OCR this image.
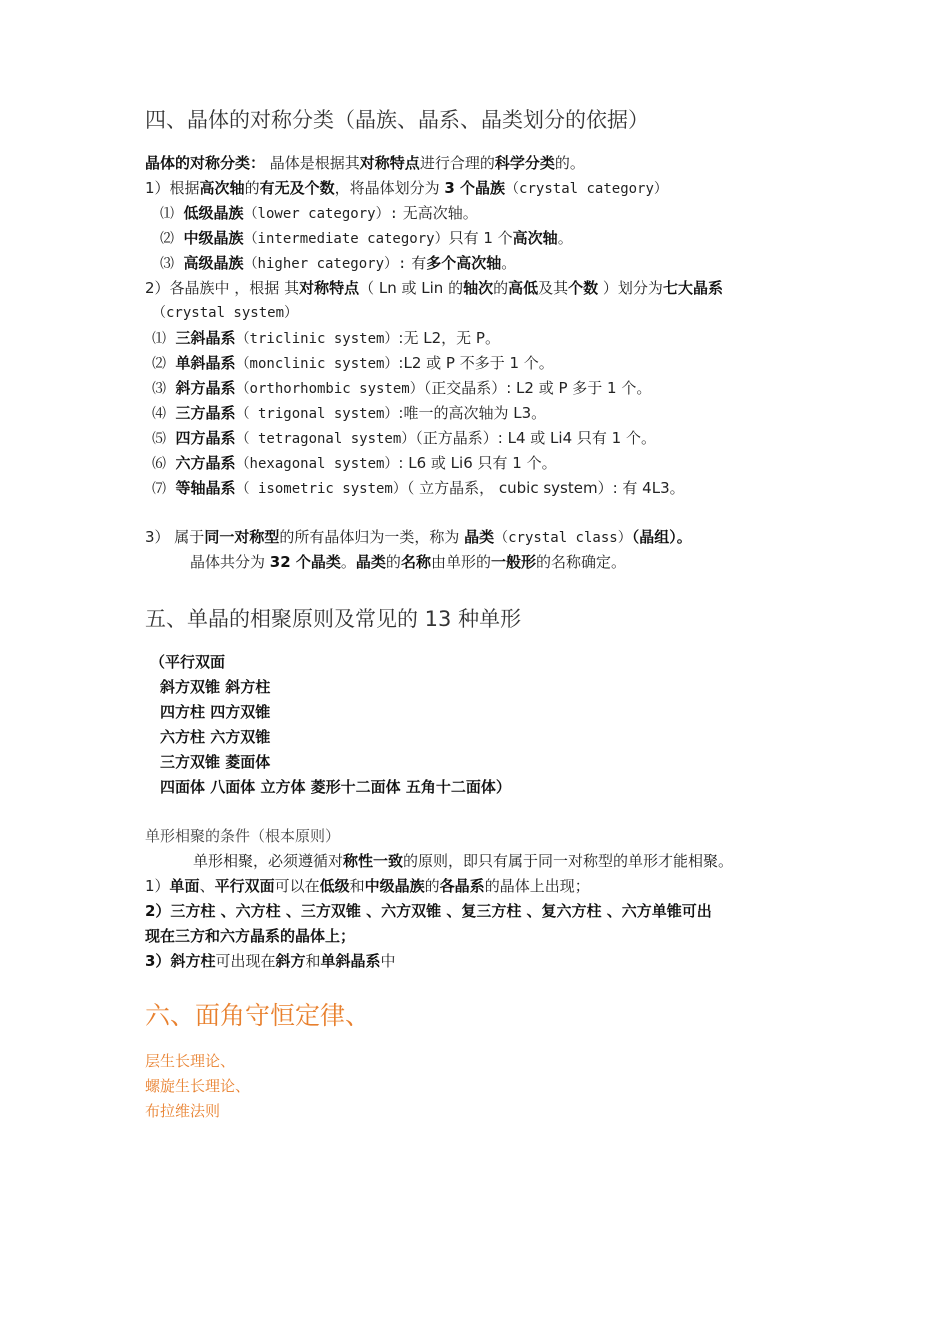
四、晶体的对称分类（晶族、晶系、晶类划分的依据）
晶体的对称分类： 晶体是根据其对称特点进行合理的科学分类的。
1）根据高次轴的有无及个数，将晶体划分为 3 个晶族（crystal category）
⑴ 低级晶族（lower category）: 无高次轴。
⑵ 中级晶族（intermediate category）只有 1 个高次轴。
⑶ 高级晶族（higher category）: 有多个高次轴。
2）各晶族中 ，根据 其对称特点（ Ln 或 Lin 的轴次的高低及其个数 ）划分为七大晶系
（crystal system）
⑴ 三斜晶系（triclinic system）:无 L2，无 P。
⑵ 单斜晶系（monclinic system）:L2 或 P 不多于 1 个。
⑶ 斜方晶系（orthorhombic system）（正交晶系）: L2 或 P 多于 1 个。
⑷ 三方晶系（ trigonal system）:唯一的高次轴为 L3。
⑸ 四方晶系（ tetragonal system）（正方晶系）: L4 或 Li4 只有 1 个。
⑹ 六方晶系（hexagonal system）: L6 或 Li6 只有 1 个。
⑺ 等轴晶系（ isometric system）（ 立方晶系， cubic system）: 有 4L3。
3） 属于同一对称型的所有晶体归为一类，称为 晶类（crystal class）（晶组）。
晶体共分为 32 个晶类。晶类的名称由单形的一般形的名称确定。
五、单晶的相聚原则及常见的 13 种单形
（平行双面
斜方双锥 斜方柱
四方柱 四方双锥
六方柱 六方双锥
三方双锥 菱面体
四面体 八面体 立方体 菱形十二面体 五角十二面体）
单形相聚的条件（根本原则）
单形相聚，必须遵循对称性一致的原则，即只有属于同一对称型的单形才能相聚。
1）单面、平行双面可以在低级和中级晶族的各晶系的晶体上出现；
2）三方柱 、六方柱 、三方双锥 、六方双锥 、复三方柱 、复六方柱 、六方单锥可出
现在三方和六方晶系的晶体上；
3）斜方柱可出现在斜方和单斜晶系中
六、面角守恒定律、
层生长理论、
螺旋生长理论、
布拉维法则
